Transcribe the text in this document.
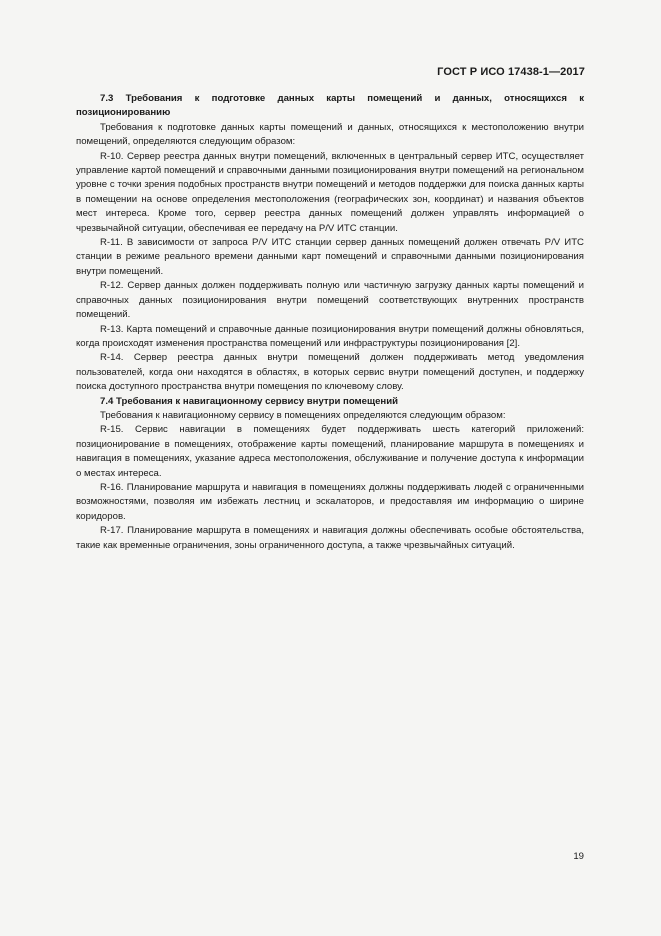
ГОСТ Р ИСО 17438-1—2017
7.3 Требования к подготовке данных карты помещений и данных, относящихся к позиционированию

Требования к подготовке данных карты помещений и данных, относящихся к местоположению внутри помещений, определяются следующим образом:

R-10. Сервер реестра данных внутри помещений, включенных в центральный сервер ИТС, осуществляет управление картой помещений и справочными данными позиционирования внутри помещений на региональном уровне с точки зрения подобных пространств внутри помещений и методов поддержки для поиска данных карты в помещении на основе определения местоположения (географических зон, координат) и названия объектов мест интереса. Кроме того, сервер реестра данных помещений должен управлять информацией о чрезвычайной ситуации, обеспечивая ее передачу на P/V ИТС станции.

R-11. В зависимости от запроса P/V ИТС станции сервер данных помещений должен отвечать P/V ИТС станции в режиме реального времени данными карт помещений и справочными данными позиционирования внутри помещений.

R-12. Сервер данных должен поддерживать полную или частичную загрузку данных карты помещений и справочных данных позиционирования внутри помещений соответствующих внутренних пространств помещений.

R-13. Карта помещений и справочные данные позиционирования внутри помещений должны обновляться, когда происходят изменения пространства помещений или инфраструктуры позиционирования [2].

R-14. Сервер реестра данных внутри помещений должен поддерживать метод уведомления пользователей, когда они находятся в областях, в которых сервис внутри помещений доступен, и поддержку поиска доступного пространства внутри помещения по ключевому слову.

7.4 Требования к навигационному сервису внутри помещений

Требования к навигационному сервису в помещениях определяются следующим образом:

R-15. Сервис навигации в помещениях будет поддерживать шесть категорий приложений: позиционирование в помещениях, отображение карты помещений, планирование маршрута в помещениях и навигация в помещениях, указание адреса местоположения, обслуживание и получение доступа к информации о местах интереса.

R-16. Планирование маршрута и навигация в помещениях должны поддерживать людей с ограниченными возможностями, позволяя им избежать лестниц и эскалаторов, и предоставляя им информацию о ширине коридоров.

R-17. Планирование маршрута в помещениях и навигация должны обеспечивать особые обстоятельства, такие как временные ограничения, зоны ограниченного доступа, а также чрезвычайных ситуаций.

19
